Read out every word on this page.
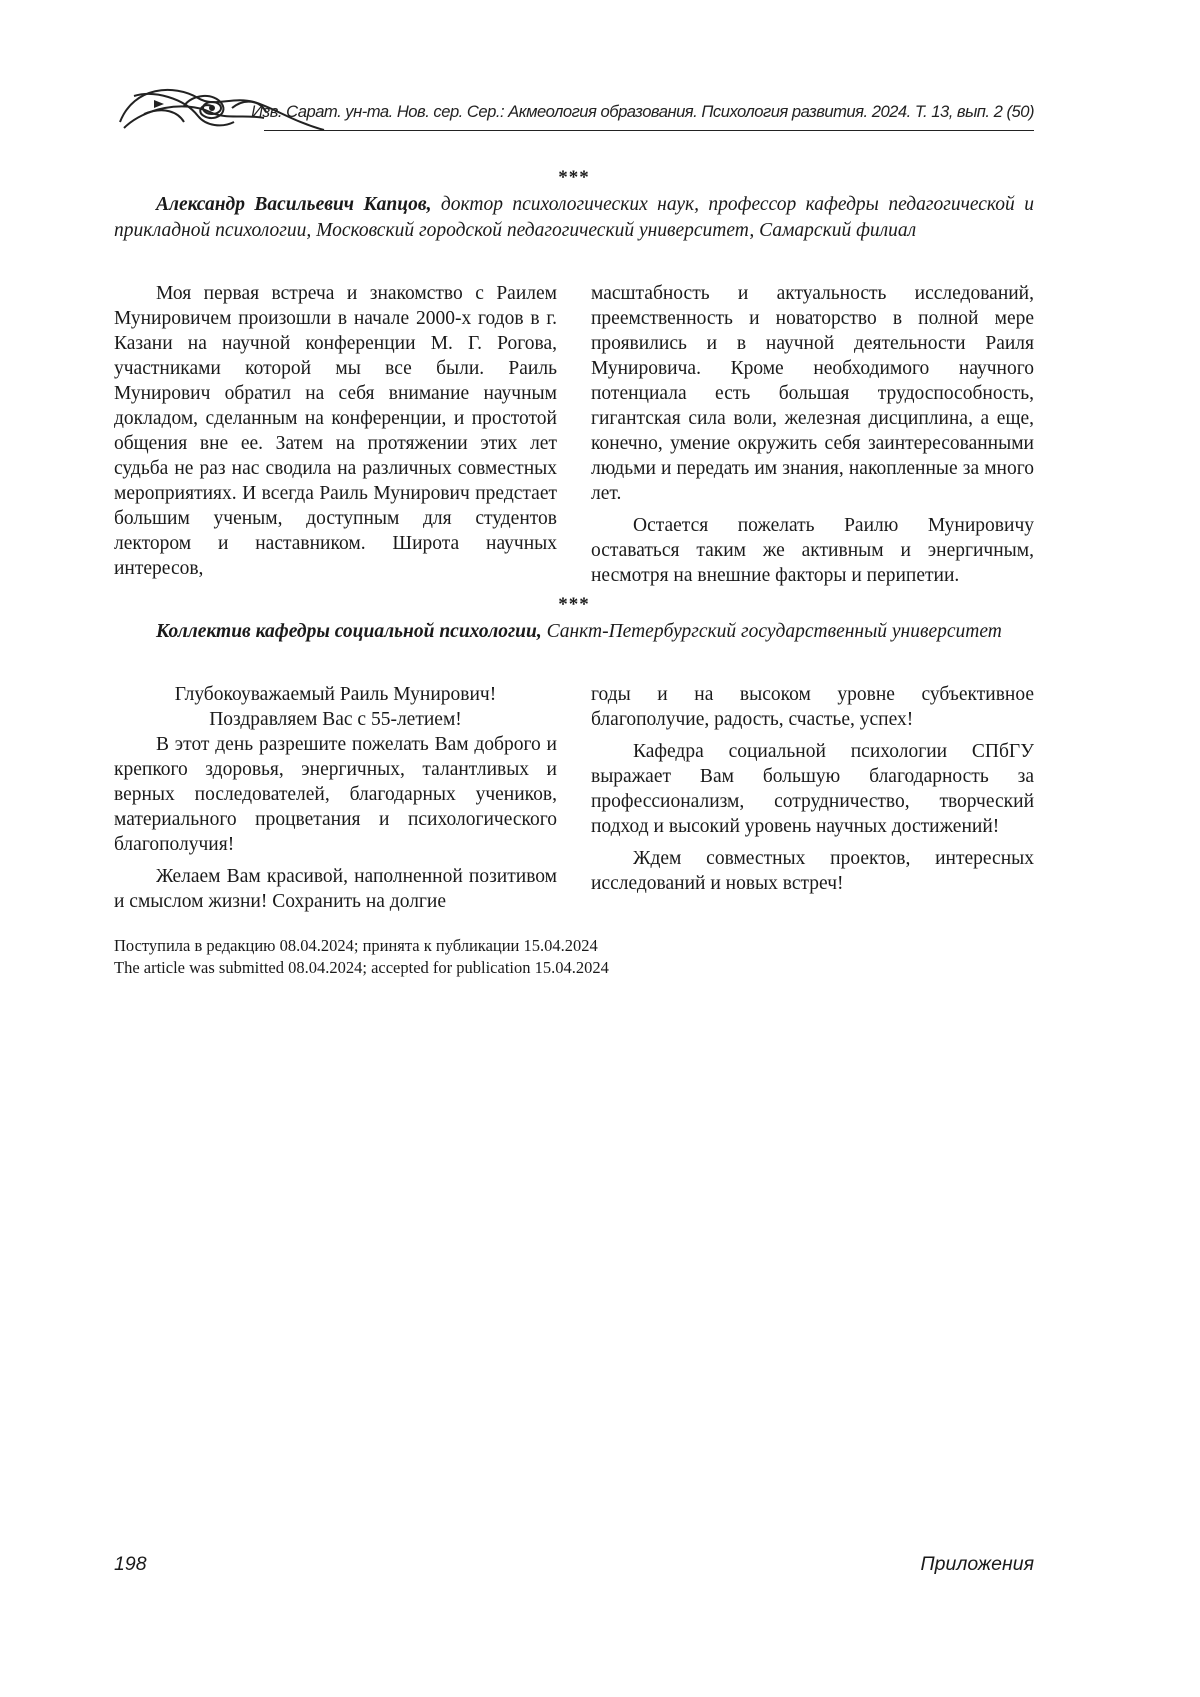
Изв. Сарат. ун-та. Нов. сер. Сер.: Акмеология образования. Психология развития. 2024. Т. 13, вып. 2 (50)
***
Александр Васильевич Капцов, доктор психологических наук, профессор кафедры педагогической и прикладной психологии, Московский городской педагогический университет, Самарский филиал

Моя первая встреча и знакомство с Раилем Мунировичем произошли в начале 2000-х годов в г. Казани на научной конференции М. Г. Рогова, участниками которой мы все были. Раиль Мунирович обратил на себя внимание научным докладом, сделанным на конференции, и простотой общения вне ее. Затем на протяжении этих лет судьба не раз нас сводила на различных совместных мероприятиях. И всегда Раиль Мунирович предстает большим ученым, доступным для студентов лектором и наставником. Широта научных интересов,

масштабность и актуальность исследований, преемственность и новаторство в полной мере проявились и в научной деятельности Раиля Мунировича. Кроме необходимого научного потенциала есть большая трудоспособность, гигантская сила воли, железная дисциплина, а еще, конечно, умение окружить себя заинтересованными людьми и передать им знания, накопленные за много лет.

Остается пожелать Раилю Мунировичу оставаться таким же активным и энергичным, несмотря на внешние факторы и перипетии.

***
Коллектив кафедры социальной психологии, Санкт-Петербургский государственный университет

Глубокоуважаемый Раиль Мунирович!

Поздравляем Вас с 55-летием!

В этот день разрешите пожелать Вам доброго и крепкого здоровья, энергичных, талантливых и верных последователей, благодарных учеников, материального процветания и психологического благополучия!

Желаем Вам красивой, наполненной позитивом и смыслом жизни! Сохранить на долгие

годы и на высоком уровне субъективное благополучие, радость, счастье, успех!

Кафедра социальной психологии СПбГУ выражает Вам большую благодарность за профессионализм, сотрудничество, творческий подход и высокий уровень научных достижений!

Ждем совместных проектов, интересных исследований и новых встреч!

Поступила в редакцию 08.04.2024; принята к публикации 15.04.2024
The article was submitted 08.04.2024; accepted for publication 15.04.2024
198	Приложения
